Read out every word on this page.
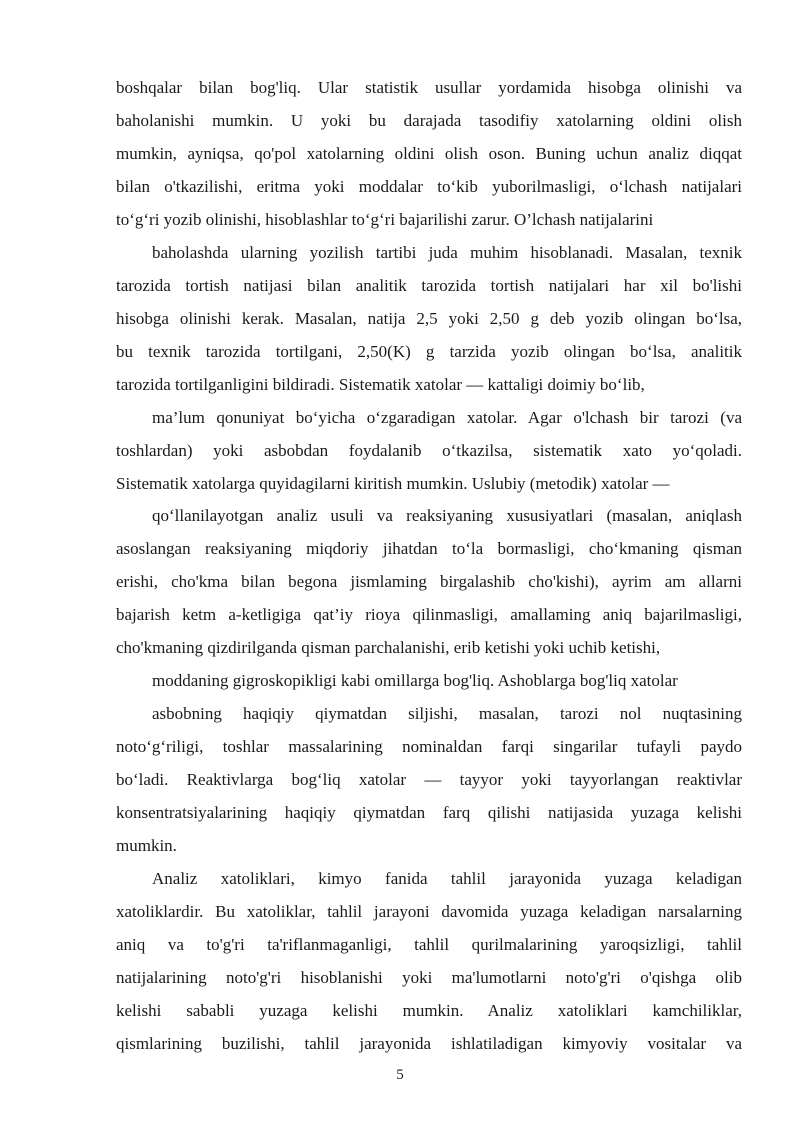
boshqalar bilan bog'liq. Ular statistik usullar yordamida hisobga olinishi va
baholanishi mumkin. U yoki bu darajada tasodifiy xatolarning oldini olish
mumkin, ayniqsa, qo'pol xatolarning oldini olish oson. Buning uchun analiz diqqat
bilan o'tkazilishi, eritma yoki moddalar to‘kib yuborilmasligi, o‘lchash natijalari
to‘g‘ri yozib olinishi, hisoblashlar to‘g‘ri bajarilishi zarur. O’lchash natijalarini
baholashda ularning yozilish tartibi juda muhim hisoblanadi. Masalan, texnik
tarozida tortish natijasi bilan analitik tarozida tortish natijalari har xil bo'lishi
hisobga olinishi kerak. Masalan, natija 2,5 yoki 2,50 g deb yozib olingan bo‘lsa,
bu texnik tarozida tortilgani, 2,50(K) g tarzida yozib olingan bo‘lsa, analitik
tarozida tortilganligini bildiradi. Sistematik xatolar — kattaligi doimiy bo‘lib,
ma’lum qonuniyat bo‘yicha o‘zgaradigan xatolar. Agar o'lchash bir tarozi (va
toshlardan) yoki asbobdan foydalanib o‘tkazilsa, sistematik xato yo‘qoladi.
Sistematik xatolarga quyidagilarni kiritish mumkin. Uslubiy (metodik) xatolar —
qo‘llanilayotgan analiz usuli va reaksiyaning xususiyatlari (masalan, aniqlash
asoslangan reaksiyaning miqdoriy jihatdan to‘la bormasligi, cho‘kmaning qisman
erishi, cho'kma bilan begona jismlaming birgalashib cho'kishi), ayrim am allarni
bajarish ketm a-ketligiga qat’iy rioya qilinmasligi, amallaming aniq bajarilmasligi,
cho'kmaning qizdirilganda qisman parchalanishi, erib ketishi yoki uchib ketishi,
moddaning gigroskopikligi kabi omillarga bog'liq. Ashoblarga bog'liq xatolar
asbobning haqiqiy qiymatdan siljishi, masalan, tarozi nol nuqtasining
noto‘g‘riligi, toshlar massalarining nominaldan farqi singarilar tufayli paydo
bo‘ladi. Reaktivlarga bog‘liq xatolar — tayyor yoki tayyorlangan reaktivlar
konsentratsiyalarining haqiqiy qiymatdan farq qilishi natijasida yuzaga kelishi
mumkin.
Analiz xatoliklari, kimyo fanida tahlil jarayonida yuzaga keladigan
xatoliklardir. Bu xatoliklar, tahlil jarayoni davomida yuzaga keladigan narsalarning
aniq va to'g'ri ta'riflanmaganligi, tahlil qurilmalarining yaroqsizligi, tahlil
natijalarining noto'g'ri hisoblanishi yoki ma'lumotlarni noto'g'ri o'qishga olib
kelishi sababli yuzaga kelishi mumkin. Analiz xatoliklari kamchiliklar,
qismlarining buzilishi, tahlil jarayonida ishlatiladigan kimyoviy vositalar va
5
